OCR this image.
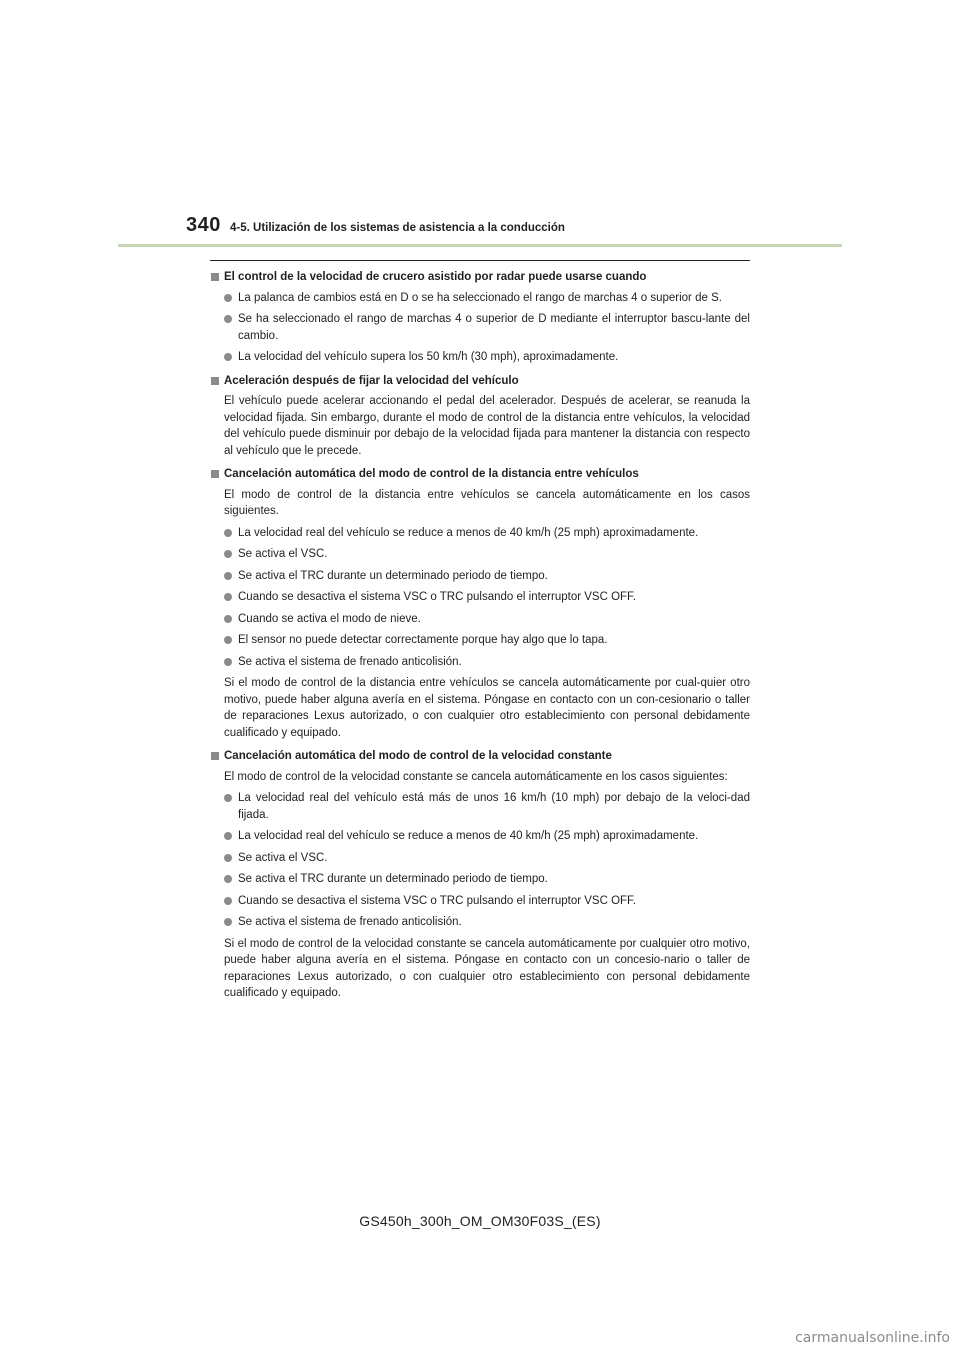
340 4-5. Utilización de los sistemas de asistencia a la conducción
El control de la velocidad de crucero asistido por radar puede usarse cuando
La palanca de cambios está en D o se ha seleccionado el rango de marchas 4 o superior de S.
Se ha seleccionado el rango de marchas 4 o superior de D mediante el interruptor bascu-lante del cambio.
La velocidad del vehículo supera los 50 km/h (30 mph), aproximadamente.
Aceleración después de fijar la velocidad del vehículo
El vehículo puede acelerar accionando el pedal del acelerador. Después de acelerar, se reanuda la velocidad fijada. Sin embargo, durante el modo de control de la distancia entre vehículos, la velocidad del vehículo puede disminuir por debajo de la velocidad fijada para mantener la distancia con respecto al vehículo que le precede.
Cancelación automática del modo de control de la distancia entre vehículos
El modo de control de la distancia entre vehículos se cancela automáticamente en los casos siguientes.
La velocidad real del vehículo se reduce a menos de 40 km/h (25 mph) aproximadamente.
Se activa el VSC.
Se activa el TRC durante un determinado periodo de tiempo.
Cuando se desactiva el sistema VSC o TRC pulsando el interruptor VSC OFF.
Cuando se activa el modo de nieve.
El sensor no puede detectar correctamente porque hay algo que lo tapa.
Se activa el sistema de frenado anticolisión.
Si el modo de control de la distancia entre vehículos se cancela automáticamente por cual-quier otro motivo, puede haber alguna avería en el sistema. Póngase en contacto con un con-cesionario o taller de reparaciones Lexus autorizado, o con cualquier otro establecimiento con personal debidamente cualificado y equipado.
Cancelación automática del modo de control de la velocidad constante
El modo de control de la velocidad constante se cancela automáticamente en los casos siguientes:
La velocidad real del vehículo está más de unos 16 km/h (10 mph) por debajo de la veloci-dad fijada.
La velocidad real del vehículo se reduce a menos de 40 km/h (25 mph) aproximadamente.
Se activa el VSC.
Se activa el TRC durante un determinado periodo de tiempo.
Cuando se desactiva el sistema VSC o TRC pulsando el interruptor VSC OFF.
Se activa el sistema de frenado anticolisión.
Si el modo de control de la velocidad constante se cancela automáticamente por cualquier otro motivo, puede haber alguna avería en el sistema. Póngase en contacto con un concesio-nario o taller de reparaciones Lexus autorizado, o con cualquier otro establecimiento con personal debidamente cualificado y equipado.
GS450h_300h_OM_OM30F03S_(ES)
carmanualsonline.info
